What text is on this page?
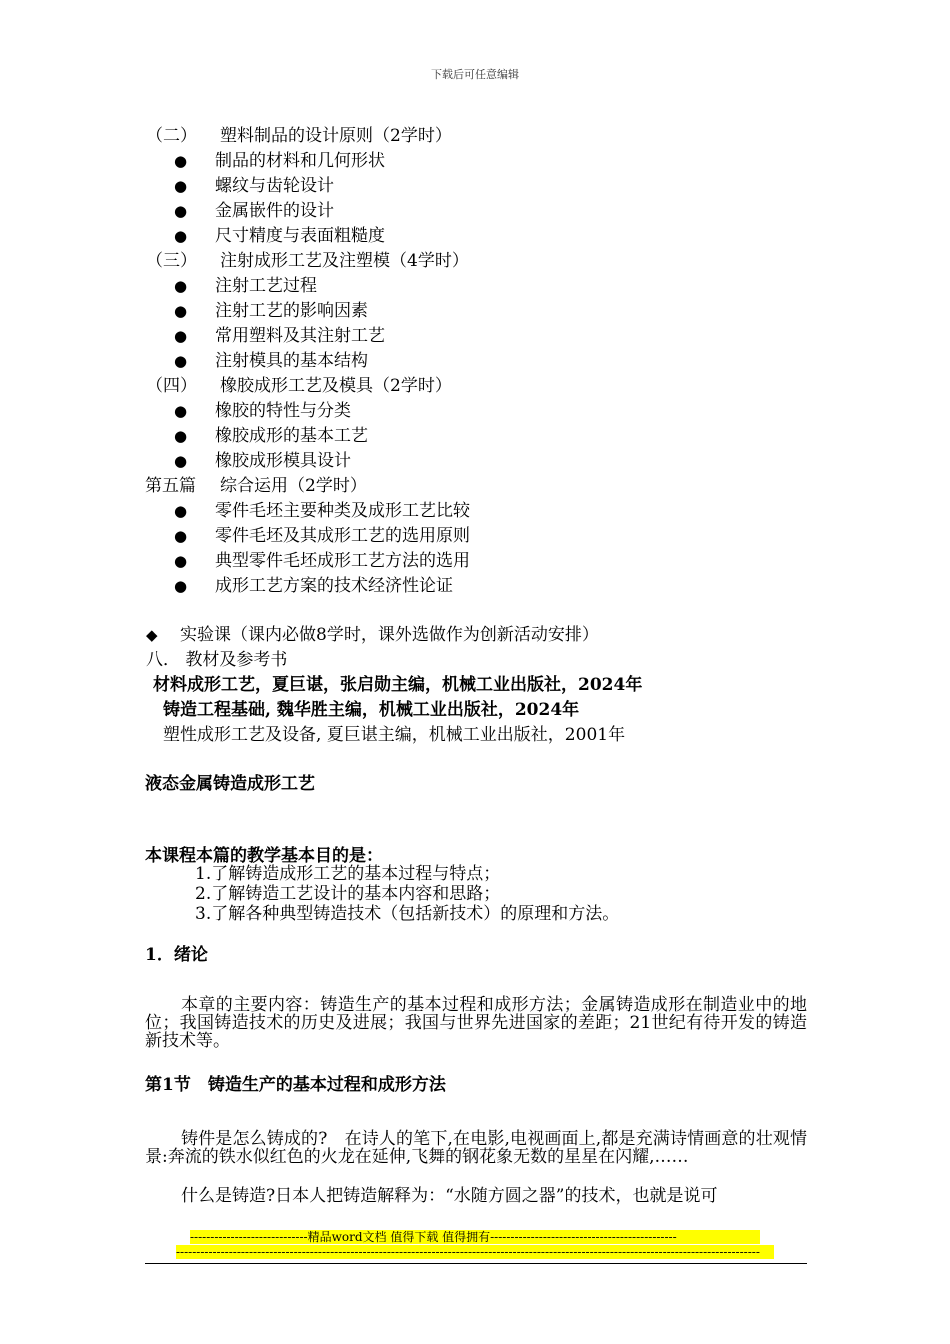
下载后可任意编辑
（二） 塑料制品的设计原则（2学时）
● 制品的材料和几何形状
● 螺纹与齿轮设计
● 金属嵌件的设计
● 尺寸精度与表面粗糙度
（三） 注射成形工艺及注塑模（4学时）
● 注射工艺过程
● 注射工艺的影响因素
● 常用塑料及其注射工艺
● 注射模具的基本结构
（四） 橡胶成形工艺及模具（2学时）
● 橡胶的特性与分类
● 橡胶成形的基本工艺
● 橡胶成形模具设计
第五篇 综合运用（2学时）
● 零件毛坯主要种类及成形工艺比较
● 零件毛坯及其成形工艺的选用原则
● 典型零件毛坯成形工艺方法的选用
● 成形工艺方案的技术经济性论证
◆ 实验课（课内必做8学时，课外选做作为创新活动安排）
八． 教材及参考书
材料成形工艺，夏巨谌，张启勋主编，机械工业出版社，2024年
铸造工程基础, 魏华胜主编，机械工业出版社，2024年
塑性成形工艺及设备, 夏巨谌主编，机械工业出版社，2001年
液态金属铸造成形工艺
本课程本篇的教学基本目的是：
1.了解铸造成形工艺的基本过程与特点；
2.了解铸造工艺设计的基本内容和思路；
3.了解各种典型铸造技术（包括新技术）的原理和方法。
1．绪论
本章的主要内容：铸造生产的基本过程和成形方法；金属铸造成形在制造业中的地位；我国铸造技术的历史及进展；我国与世界先进国家的差距；21世纪有待开发的铸造新技术等。
第1节　铸造生产的基本过程和成形方法
铸件是怎么铸成的?　在诗人的笔下,在电影,电视画面上,都是充满诗情画意的壮观情景:奔流的铁水似红色的火龙在延伸,飞舞的钢花象无数的星星在闪耀,……
什么是铸造?日本人把铸造解释为：“水随方圆之器”的技术，也就是说可
-----------------------------精品word文档 值得下载 值得拥有----------------------------------------------
------------------------------------------------------------------------------------------------------------------------------------------------
